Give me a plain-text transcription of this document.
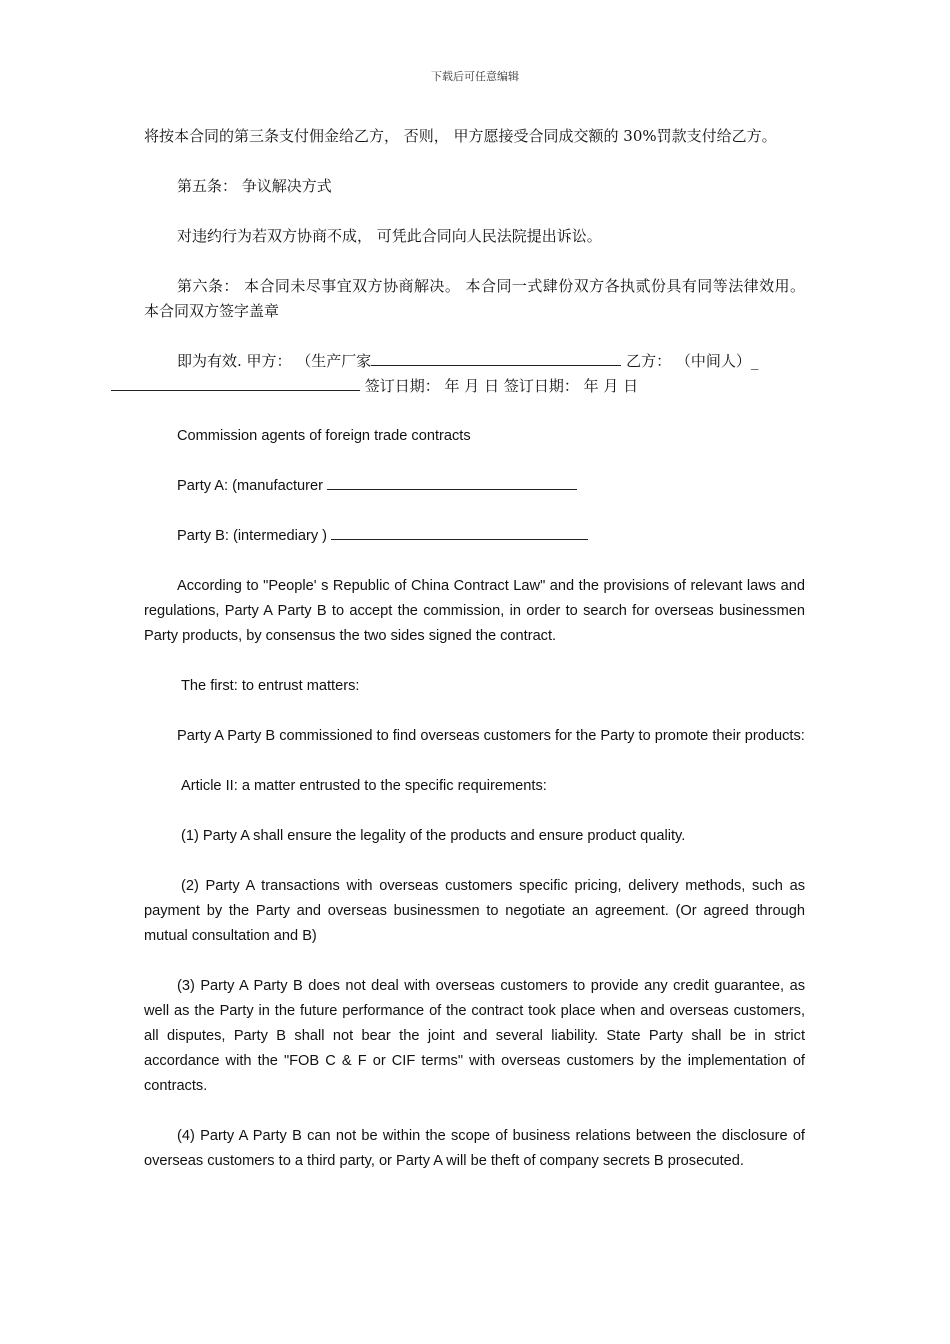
下载后可任意编辑

将按本合同的第三条支付佣金给乙方， 否则， 甲方愿接受合同成交额的 30%罚款支付给乙方。

第五条： 争议解决方式

对违约行为若双方协商不成， 可凭此合同向人民法院提出诉讼。

第六条： 本合同未尽事宜双方协商解决。 本合同一式肆份双方各执贰份具有同等法律效用。 本合同双方签字盖章

即为有效. 甲方： （生产厂家	乙方： （中间人）_
签订日期： 年 月 日 签订日期： 年 月 日

Commission agents of foreign trade contracts

Party A: (manufacturer

Party B: (intermediary )

According to "People' s Republic of China Contract Law" and the provisions of relevant laws and regulations, Party A Party B to accept the commission, in order to search for overseas businessmen Party products, by consensus the two sides signed the contract.

The first: to entrust matters:

Party A Party B commissioned to find overseas customers for the Party to promote their products:

Article II: a matter entrusted to the specific requirements:

(1) Party A shall ensure the legality of the products and ensure product quality.

(2) Party A transactions with overseas customers specific pricing, delivery methods, such as payment by the Party and overseas businessmen to negotiate an agreement. (Or agreed through mutual consultation and B)

(3) Party A Party B does not deal with overseas customers to provide any credit guarantee, as well as the Party in the future performance of the contract took place when and overseas customers, all disputes, Party B shall not bear the joint and several liability. State Party shall be in strict accordance with the "FOB C & F or CIF terms" with overseas customers by the implementation of contracts.

(4) Party A Party B can not be within the scope of business relations between the disclosure of overseas customers to a third party, or Party A will be theft of company secrets B prosecuted.
